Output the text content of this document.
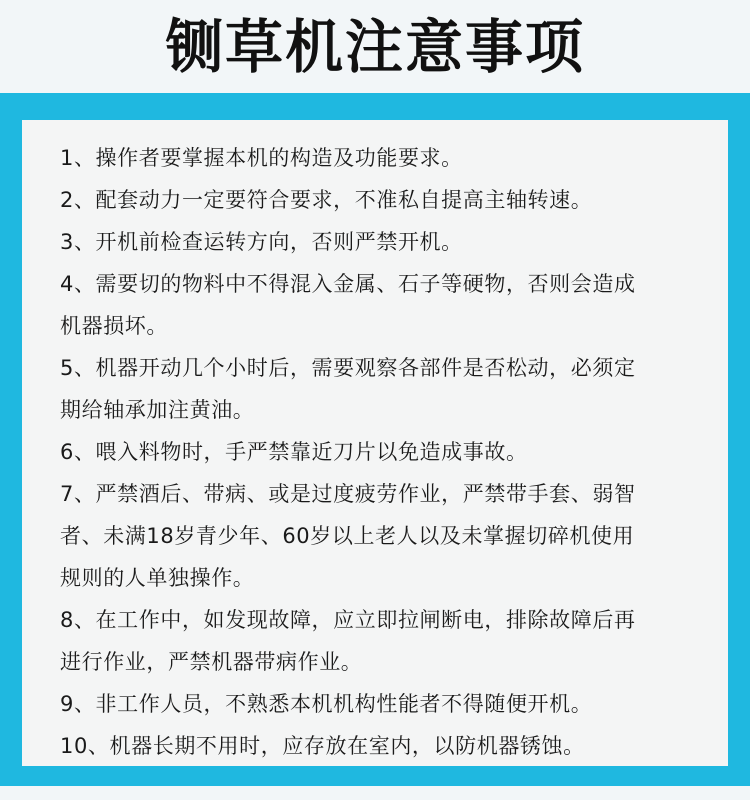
铡草机注意事项
1、操作者要掌握本机的构造及功能要求。
2、配套动力一定要符合要求，不准私自提高主轴转速。
3、开机前检查运转方向，否则严禁开机。
4、需要切的物料中不得混入金属、石子等硬物，否则会造成
机器损坏。
5、机器开动几个小时后，需要观察各部件是否松动，必须定
期给轴承加注黄油。
6、喂入料物时，手严禁靠近刀片以免造成事故。
7、严禁酒后、带病、或是过度疲劳作业，严禁带手套、弱智
者、未满18岁青少年、60岁以上老人以及未掌握切碎机使用
规则的人单独操作。
8、在工作中，如发现故障，应立即拉闸断电，排除故障后再
进行作业，严禁机器带病作业。
9、非工作人员，不熟悉本机机构性能者不得随便开机。
10、机器长期不用时，应存放在室内，以防机器锈蚀。
